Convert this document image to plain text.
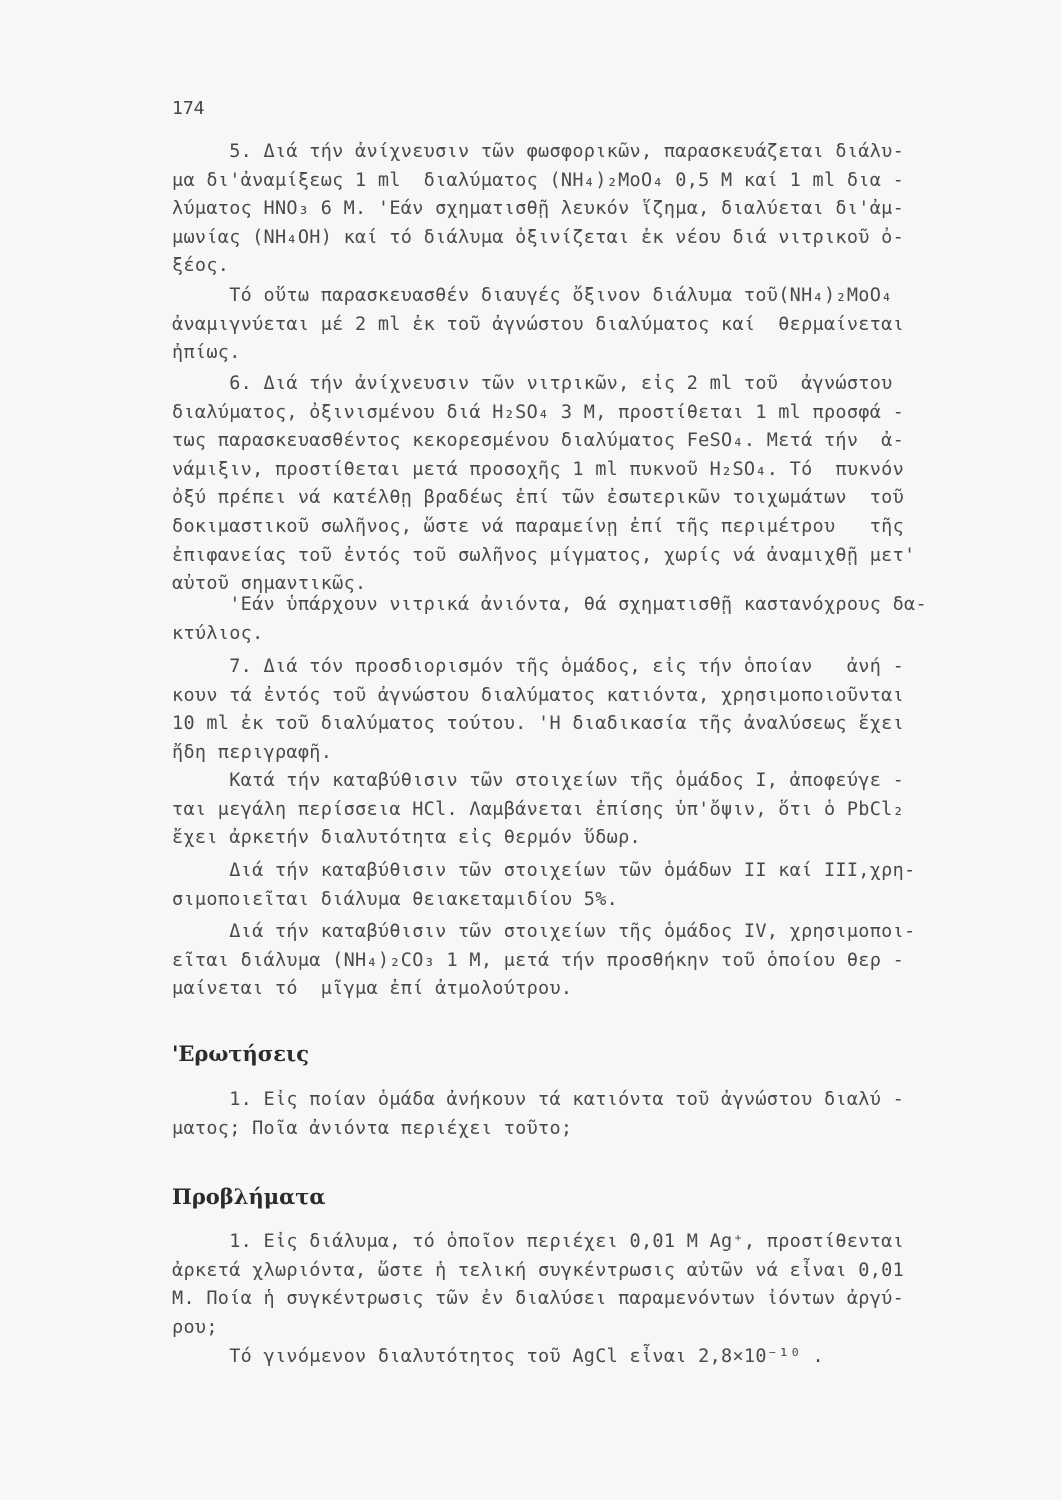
174
5. Διά τήν ἀνίχνευσιν τῶν φωσφορικῶν, παρασκευάζεται διάλυ-
μα δι'ἀναμίξεως 1 ml  διαλύματος (NH₄)₂MoO₄ 0,5 M καί 1 ml δια -
λύματος HNO₃ 6 M. 'Εάν σχηματισθῇ λευκόν ἵζημα, διαλύεται δι'ἀμ-
μωνίας (NH₄OH) καί τό διάλυμα ὀξινίζεται ἐκ νέου διά νιτρικοῦ ὀ-
ξέος.
Τό οὕτω παρασκευασθέν διαυγές ὄξινον διάλυμα τοῦ(NH₄)₂MoO₄
ἀναμιγνύεται μέ 2 ml ἐκ τοῦ ἀγνώστου διαλύματος καί  θερμαίνεται
ἠπίως.
6. Διά τήν ἀνίχνευσιν τῶν νιτρικῶν, εἰς 2 ml τοῦ  ἀγνώστου
διαλύματος, ὀξινισμένου διά H₂SO₄ 3 M, προστίθεται 1 ml προσφά -
τως παρασκευασθέντος κεκορεσμένου διαλύματος FeSO₄. Μετά τήν  ἀ-
νάμιξιν, προστίθεται μετά προσοχῆς 1 ml πυκνοῦ H₂SO₄. Τό  πυκνόν
ὀξύ πρέπει νά κατέλθῃ βραδέως ἐπί τῶν ἐσωτερικῶν τοιχωμάτων  τοῦ
δοκιμαστικοῦ σωλῆνος, ὥστε νά παραμείνῃ ἐπί τῆς περιμέτρου   τῆς
ἐπιφανείας τοῦ ἐντός τοῦ σωλῆνος μίγματος, χωρίς νά ἀναμιχθῇ μετ'
αὐτοῦ σημαντικῶς.
'Εάν ὑπάρχουν νιτρικά ἀνιόντα, θά σχηματισθῇ καστανόχρους δα-
κτύλιος.
7. Διά τόν προσδιορισμόν τῆς ὁμάδος, εἰς τήν ὁποίαν   ἀνή -
κουν τά ἐντός τοῦ ἀγνώστου διαλύματος κατιόντα, χρησιμοποιοῦνται
10 ml ἐκ τοῦ διαλύματος τούτου. 'Η διαδικασία τῆς ἀναλύσεως ἔχει
ἤδη περιγραφῆ.
Κατά τήν καταβύθισιν τῶν στοιχείων τῆς ὁμάδος I, ἀποφεύγε -
ται μεγάλη περίσσεια HCl. Λαμβάνεται ἐπίσης ὑπ'ὄψιν, ὅτι ὁ PbCl₂
ἔχει ἀρκετήν διαλυτότητα εἰς θερμόν ὕδωρ.
Διά τήν καταβύθισιν τῶν στοιχείων τῶν ὁμάδων II καί III,χρη-
σιμοποιεῖται διάλυμα θειακεταμιδίου 5%.
Διά τήν καταβύθισιν τῶν στοιχείων τῆς ὁμάδος IV, χρησιμοποι-
εῖται διάλυμα (NH₄)₂CO₃ 1 M, μετά τήν προσθήκην τοῦ ὁποίου θερ -
μαίνεται τό  μῖγμα ἐπί ἀτμολούτρου.
'Ερωτήσεις
1. Εἰς ποίαν ὁμάδα ἀνήκουν τά κατιόντα τοῦ ἀγνώστου διαλύ -
ματος; Ποῖα ἀνιόντα περιέχει τοῦτο;
Προβλήματα
1. Εἰς διάλυμα, τό ὁποῖον περιέχει 0,01 M Ag⁺, προστίθενται
ἀρκετά χλωριόντα, ὥστε ἡ τελική συγκέντρωσις αὐτῶν νά εἶναι 0,01
M. Ποία ἡ συγκέντρωσις τῶν ἐν διαλύσει παραμενόντων ἰόντων ἀργύ-
ρου;
Τό γινόμενον διαλυτότητος τοῦ AgCl εἶναι 2,8×10⁻¹⁰ .
